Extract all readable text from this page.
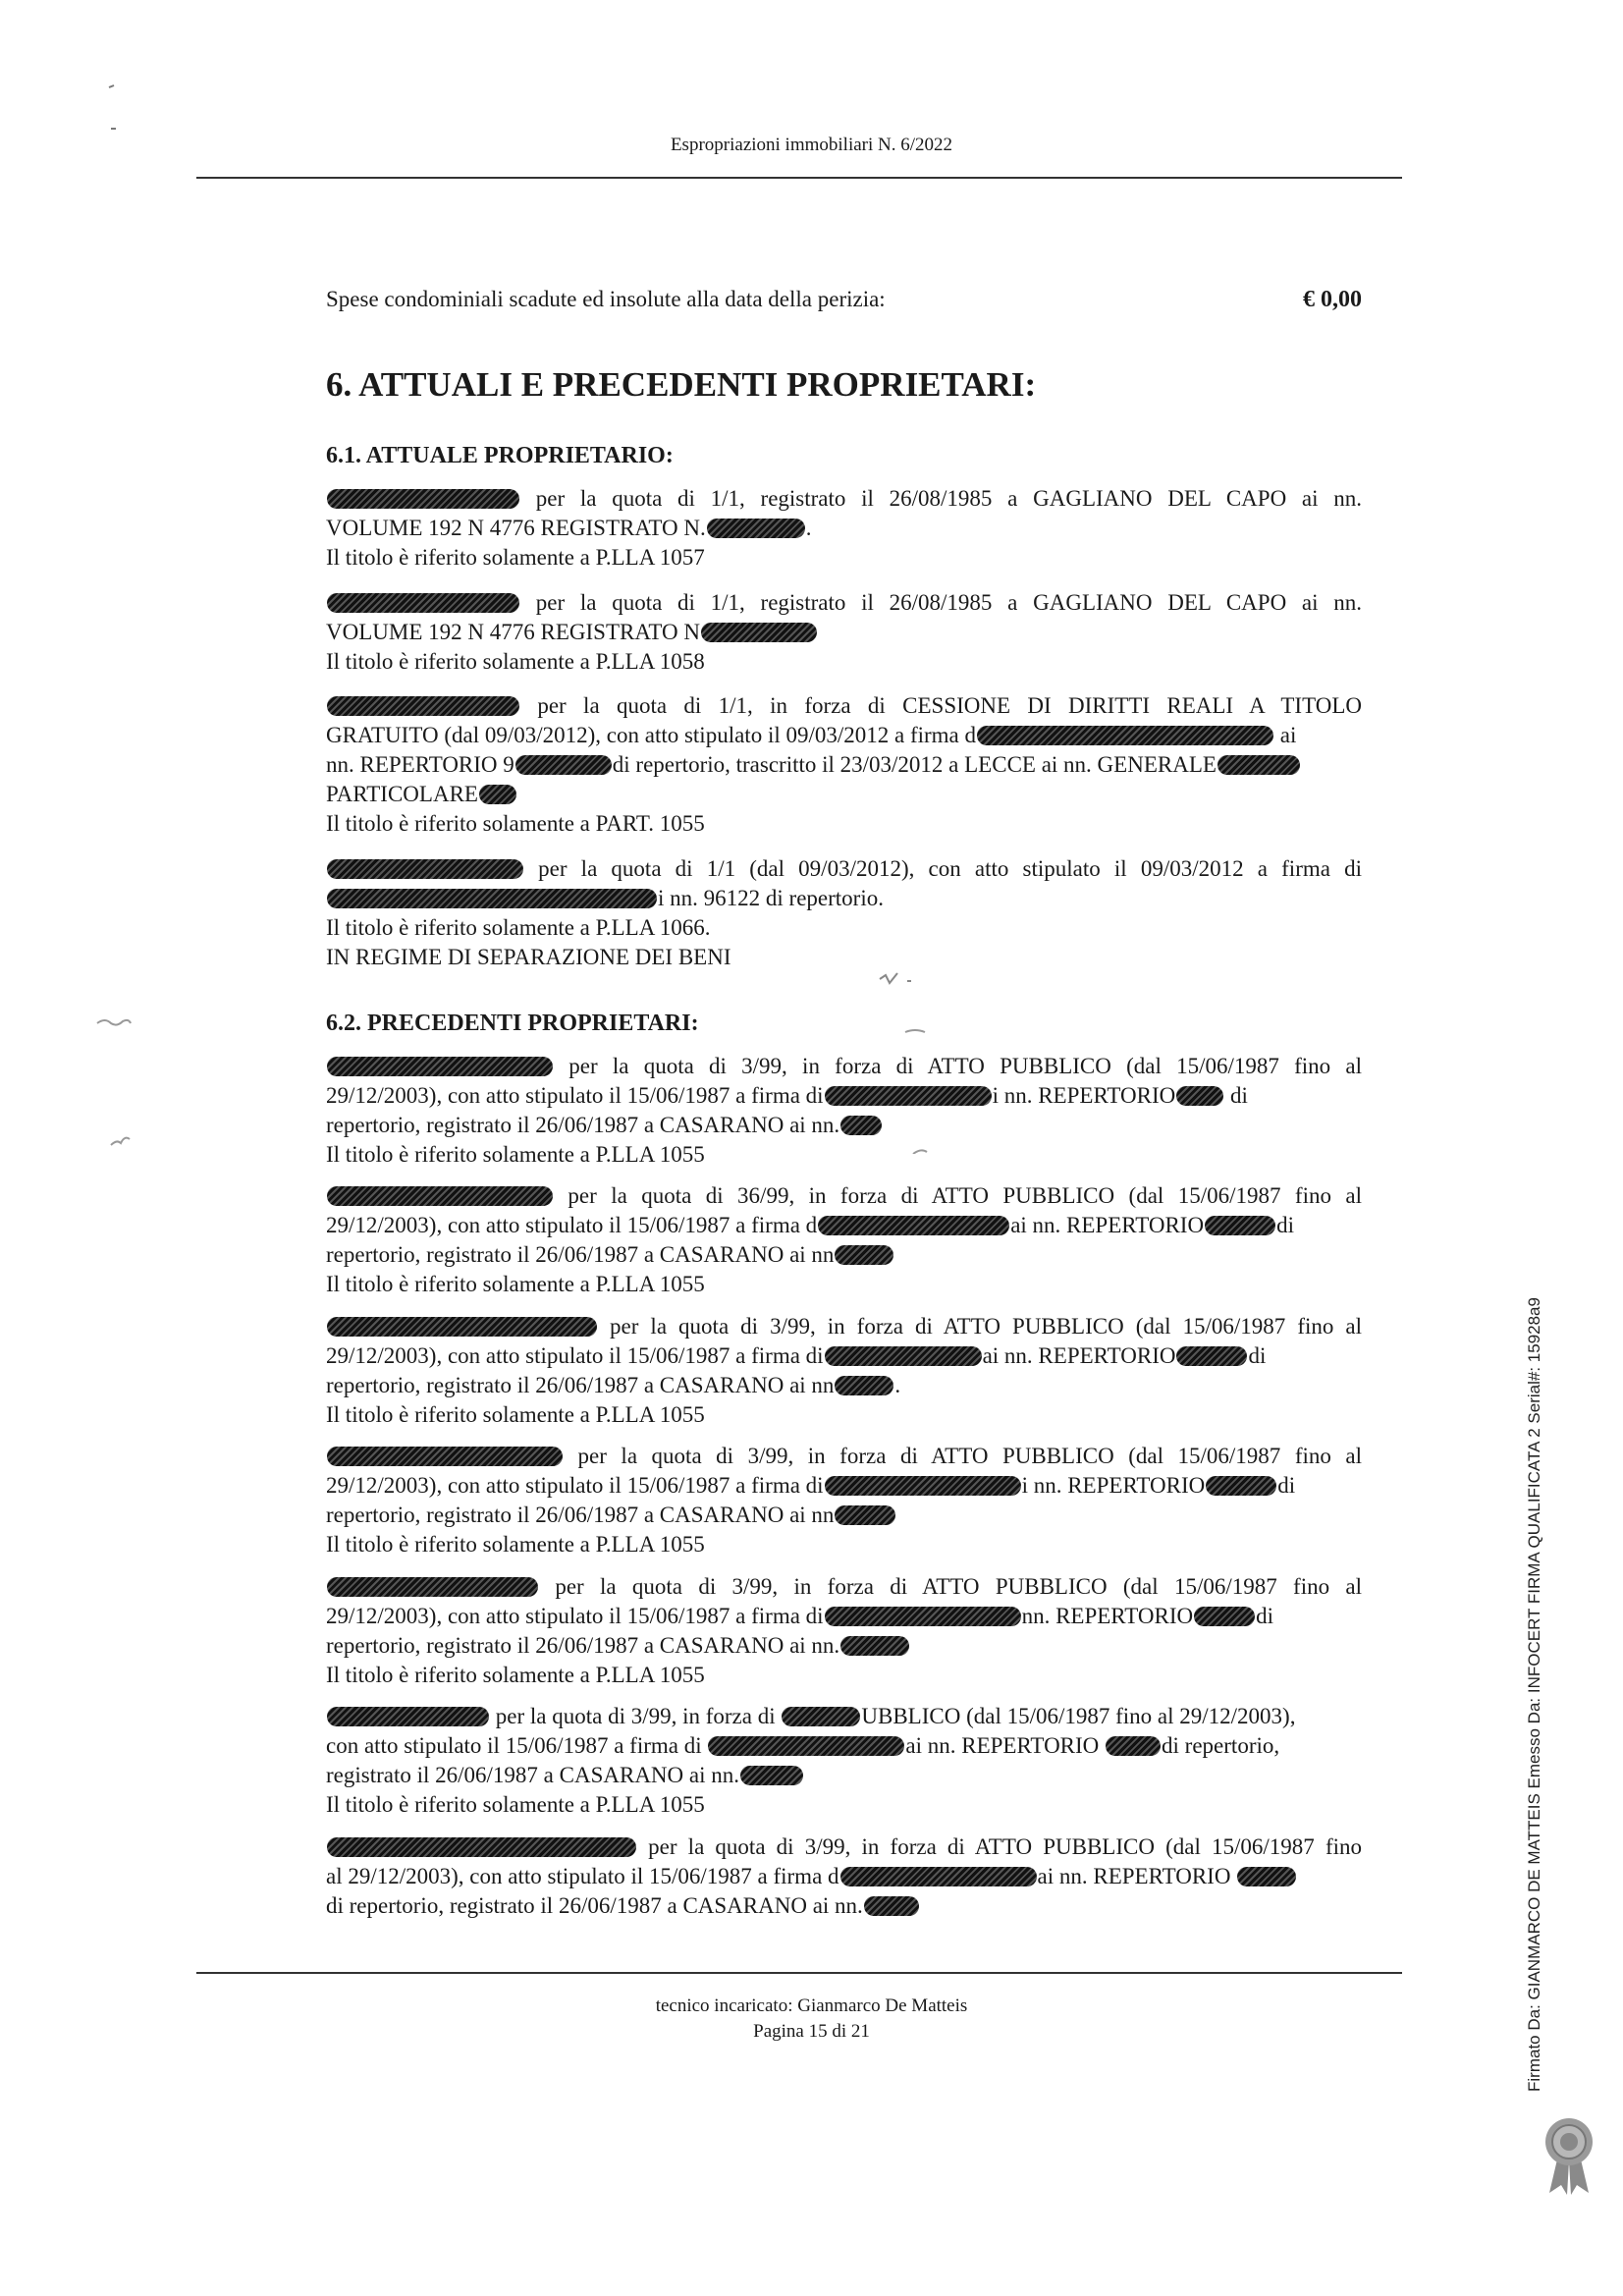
Espropriazioni immobiliari N. 6/2022
Spese condominiali scadute ed insolute alla data della perizia:	€ 0,00
6. ATTUALI E PRECEDENTI PROPRIETARI:
6.1. ATTUALE PROPRIETARIO:
per la quota di 1/1, registrato il 26/08/1985 a GAGLIANO DEL CAPO ai nn.
VOLUME 192 N 4776 REGISTRATO N.	.
Il titolo è riferito solamente a P.LLA 1057
per la quota di 1/1, registrato il 26/08/1985 a GAGLIANO DEL CAPO ai nn.
VOLUME 192 N 4776 REGISTRATO N
Il titolo è riferito solamente a P.LLA 1058
per la quota di 1/1, in forza di CESSIONE DI DIRITTI REALI A TITOLO
GRATUITO (dal 09/03/2012), con atto stipulato il 09/03/2012 a firma d	ai
nn. REPERTORIO 9	di repertorio, trascritto il 23/03/2012 a LECCE ai nn. GENERALE
PARTICOLARE
Il titolo è riferito solamente a PART. 1055
per la quota di 1/1 (dal 09/03/2012), con atto stipulato il 09/03/2012 a firma di
i nn. 96122 di repertorio.
Il titolo è riferito solamente a P.LLA 1066.
IN REGIME DI SEPARAZIONE DEI BENI
6.2. PRECEDENTI PROPRIETARI:
per la quota di 3/99, in forza di ATTO PUBBLICO (dal 15/06/1987 fino al
29/12/2003), con atto stipulato il 15/06/1987 a firma di	i nn. REPERTORIO di
repertorio, registrato il 26/06/1987 a CASARANO ai nn.
Il titolo è riferito solamente a P.LLA 1055
per la quota di 36/99, in forza di ATTO PUBBLICO (dal 15/06/1987 fino al
29/12/2003), con atto stipulato il 15/06/1987 a firma d	ai nn. REPERTORIO	di
repertorio, registrato il 26/06/1987 a CASARANO ai nn
Il titolo è riferito solamente a P.LLA 1055
per la quota di 3/99, in forza di ATTO PUBBLICO (dal 15/06/1987 fino al
29/12/2003), con atto stipulato il 15/06/1987 a firma di	ai nn. REPERTORIO	di
repertorio, registrato il 26/06/1987 a CASARANO ai nn	.
Il titolo è riferito solamente a P.LLA 1055
per la quota di 3/99, in forza di ATTO PUBBLICO (dal 15/06/1987 fino al
29/12/2003), con atto stipulato il 15/06/1987 a firma di	i nn. REPERTORIO	di
repertorio, registrato il 26/06/1987 a CASARANO ai nn
Il titolo è riferito solamente a P.LLA 1055
per la quota di 3/99, in forza di ATTO PUBBLICO (dal 15/06/1987 fino al
29/12/2003), con atto stipulato il 15/06/1987 a firma di	nn. REPERTORIO	di
repertorio, registrato il 26/06/1987 a CASARANO ai nn.
Il titolo è riferito solamente a P.LLA 1055
per la quota di 3/99, in forza di	UBBLICO (dal 15/06/1987 fino al 29/12/2003),
con atto stipulato il 15/06/1987 a firma di	ai nn. REPERTORIO	di repertorio,
registrato il 26/06/1987 a CASARANO ai nn.
Il titolo è riferito solamente a P.LLA 1055
per la quota di 3/99, in forza di ATTO PUBBLICO (dal 15/06/1987 fino
al 29/12/2003), con atto stipulato il 15/06/1987 a firma d	ai nn. REPERTORIO
di repertorio, registrato il 26/06/1987 a CASARANO ai nn.
tecnico incaricato: Gianmarco De Matteis
Pagina 15 di 21	Firmato Da: GIANMARCO DE MATTEIS Emesso Da: INFOCERT FIRMA QUALIFICATA 2 Serial#: 15928a9
